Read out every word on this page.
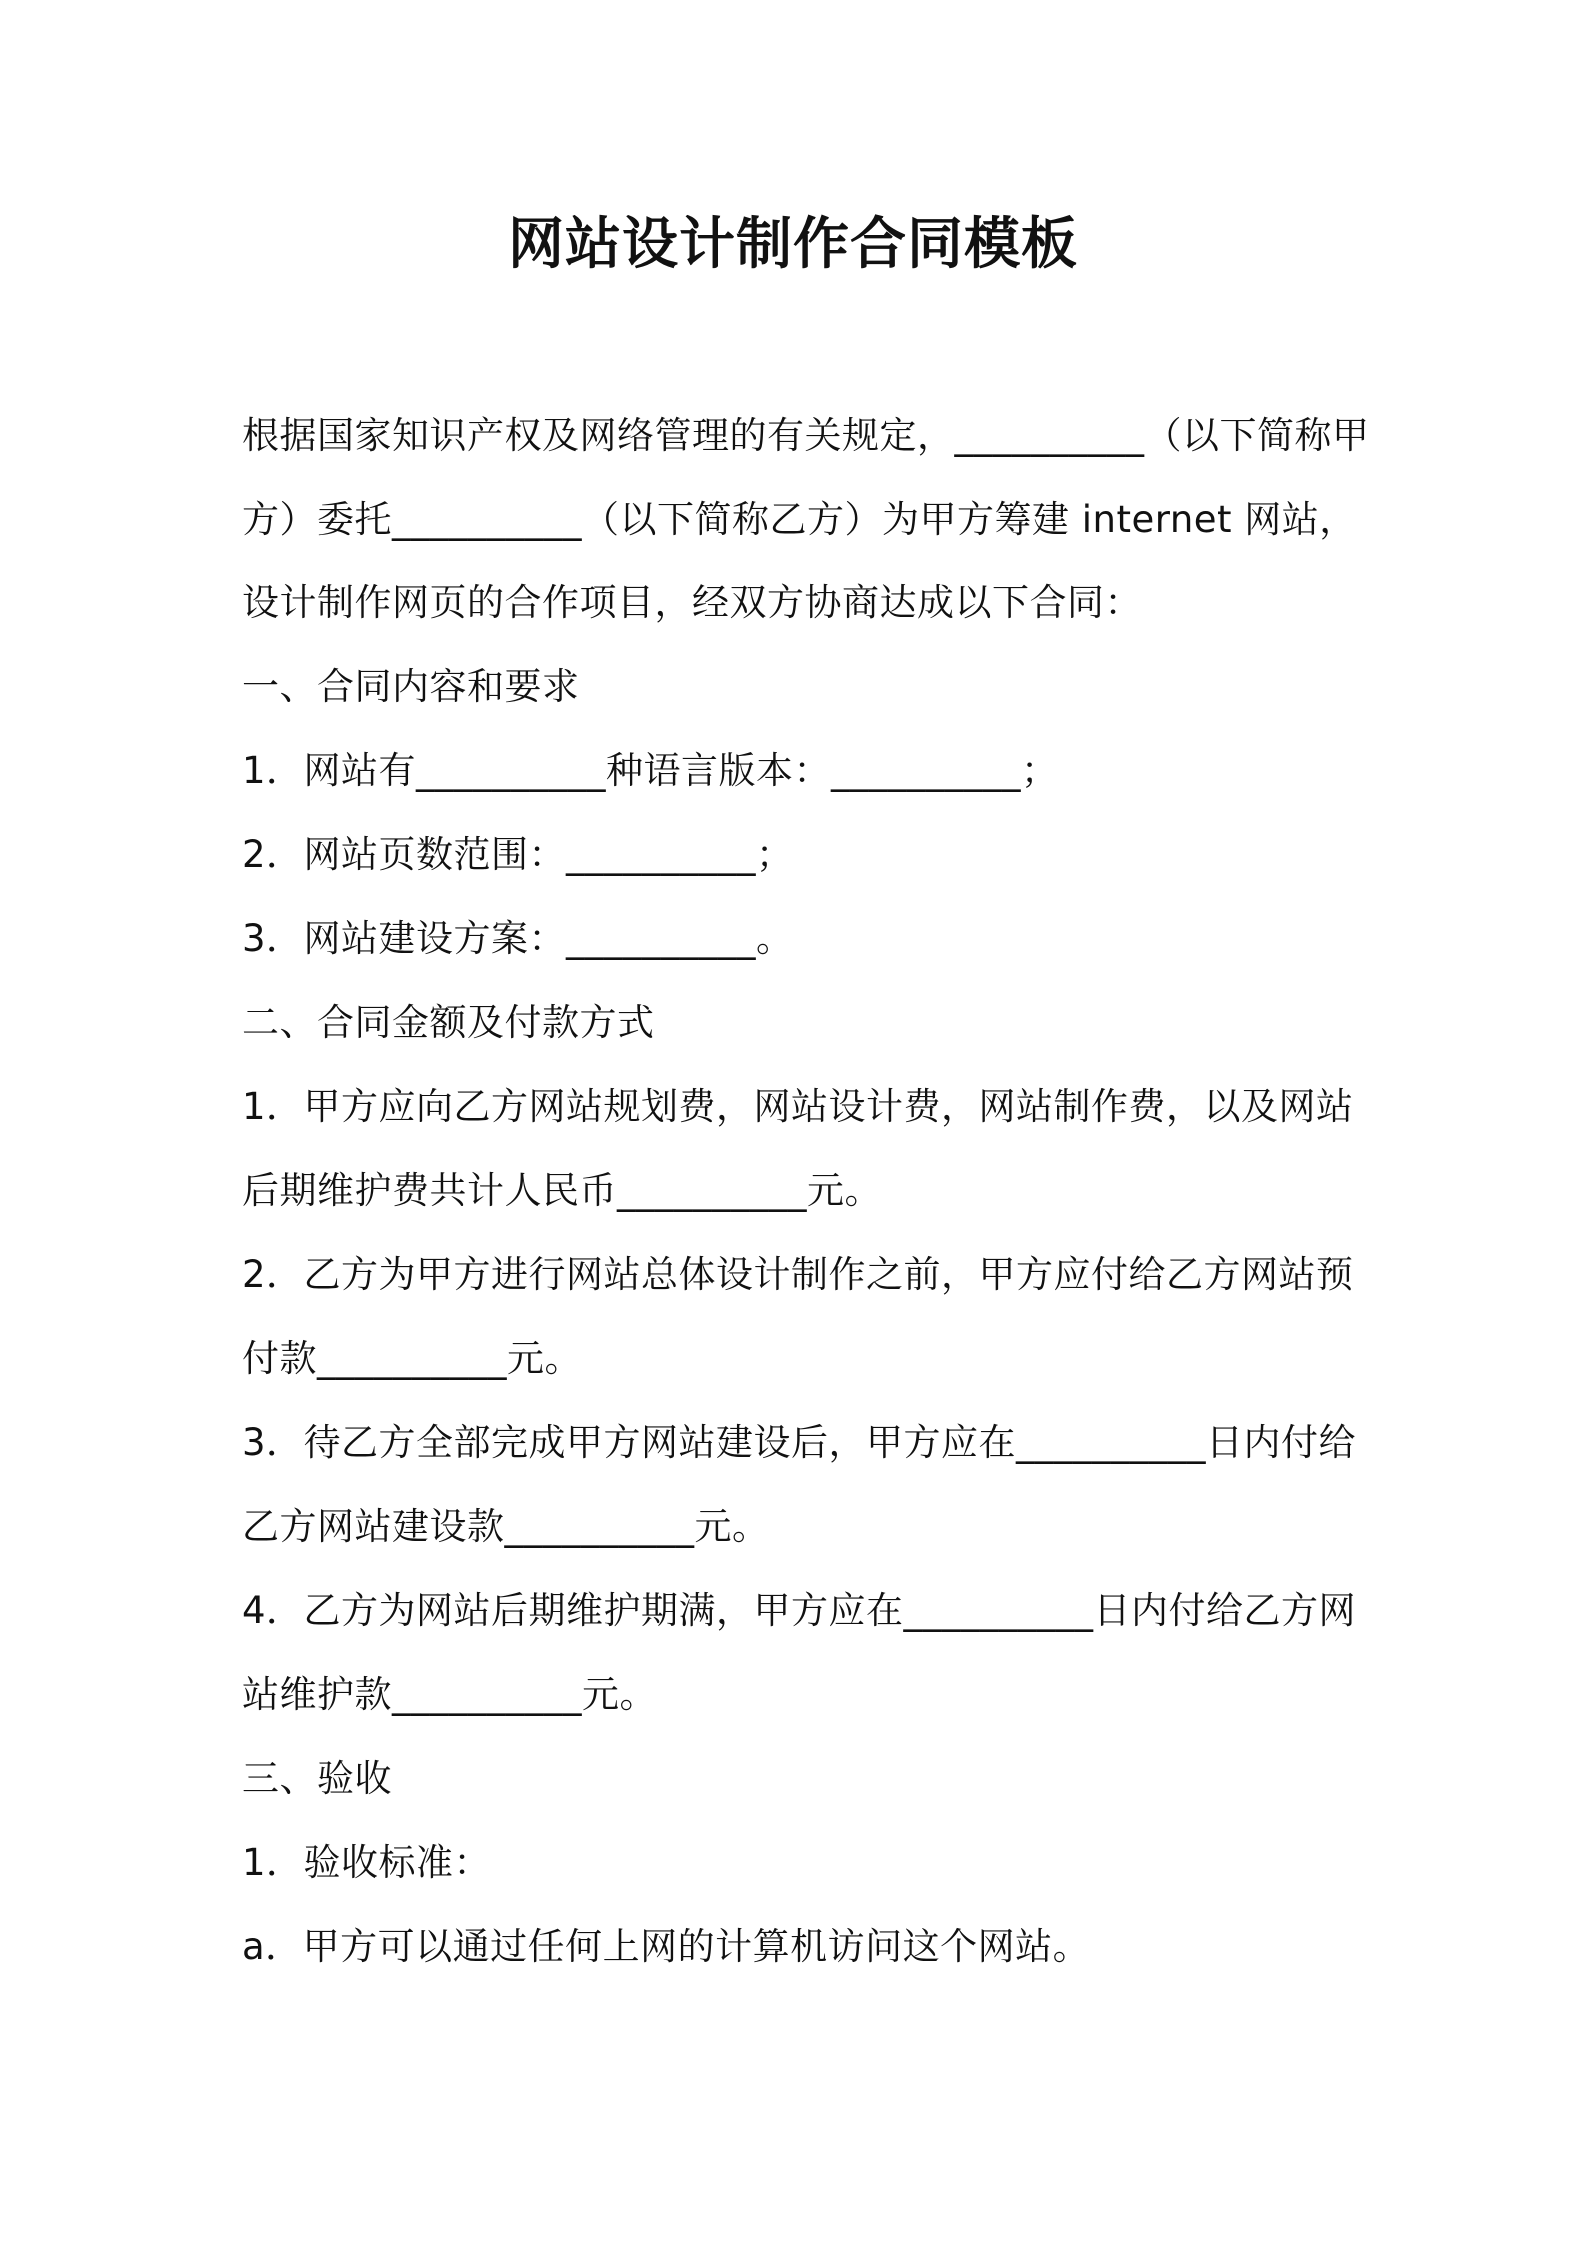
网站设计制作合同模板
根据国家知识产权及网络管理的有关规定，__________（以下简称甲
方）委托__________（以下简称乙方）为甲方筹建 internet 网站，
设计制作网页的合作项目，经双方协商达成以下合同：
一、合同内容和要求
1．网站有__________种语言版本：__________；
2．网站页数范围：__________；
3．网站建设方案：__________。
二、合同金额及付款方式
1．甲方应向乙方网站规划费，网站设计费，网站制作费，以及网站
后期维护费共计人民币__________元。
2．乙方为甲方进行网站总体设计制作之前，甲方应付给乙方网站预
付款__________元。
3．待乙方全部完成甲方网站建设后，甲方应在__________日内付给
乙方网站建设款__________元。
4．乙方为网站后期维护期满，甲方应在__________日内付给乙方网
站维护款__________元。
三、验收
1．验收标准：
a．甲方可以通过任何上网的计算机访问这个网站。
